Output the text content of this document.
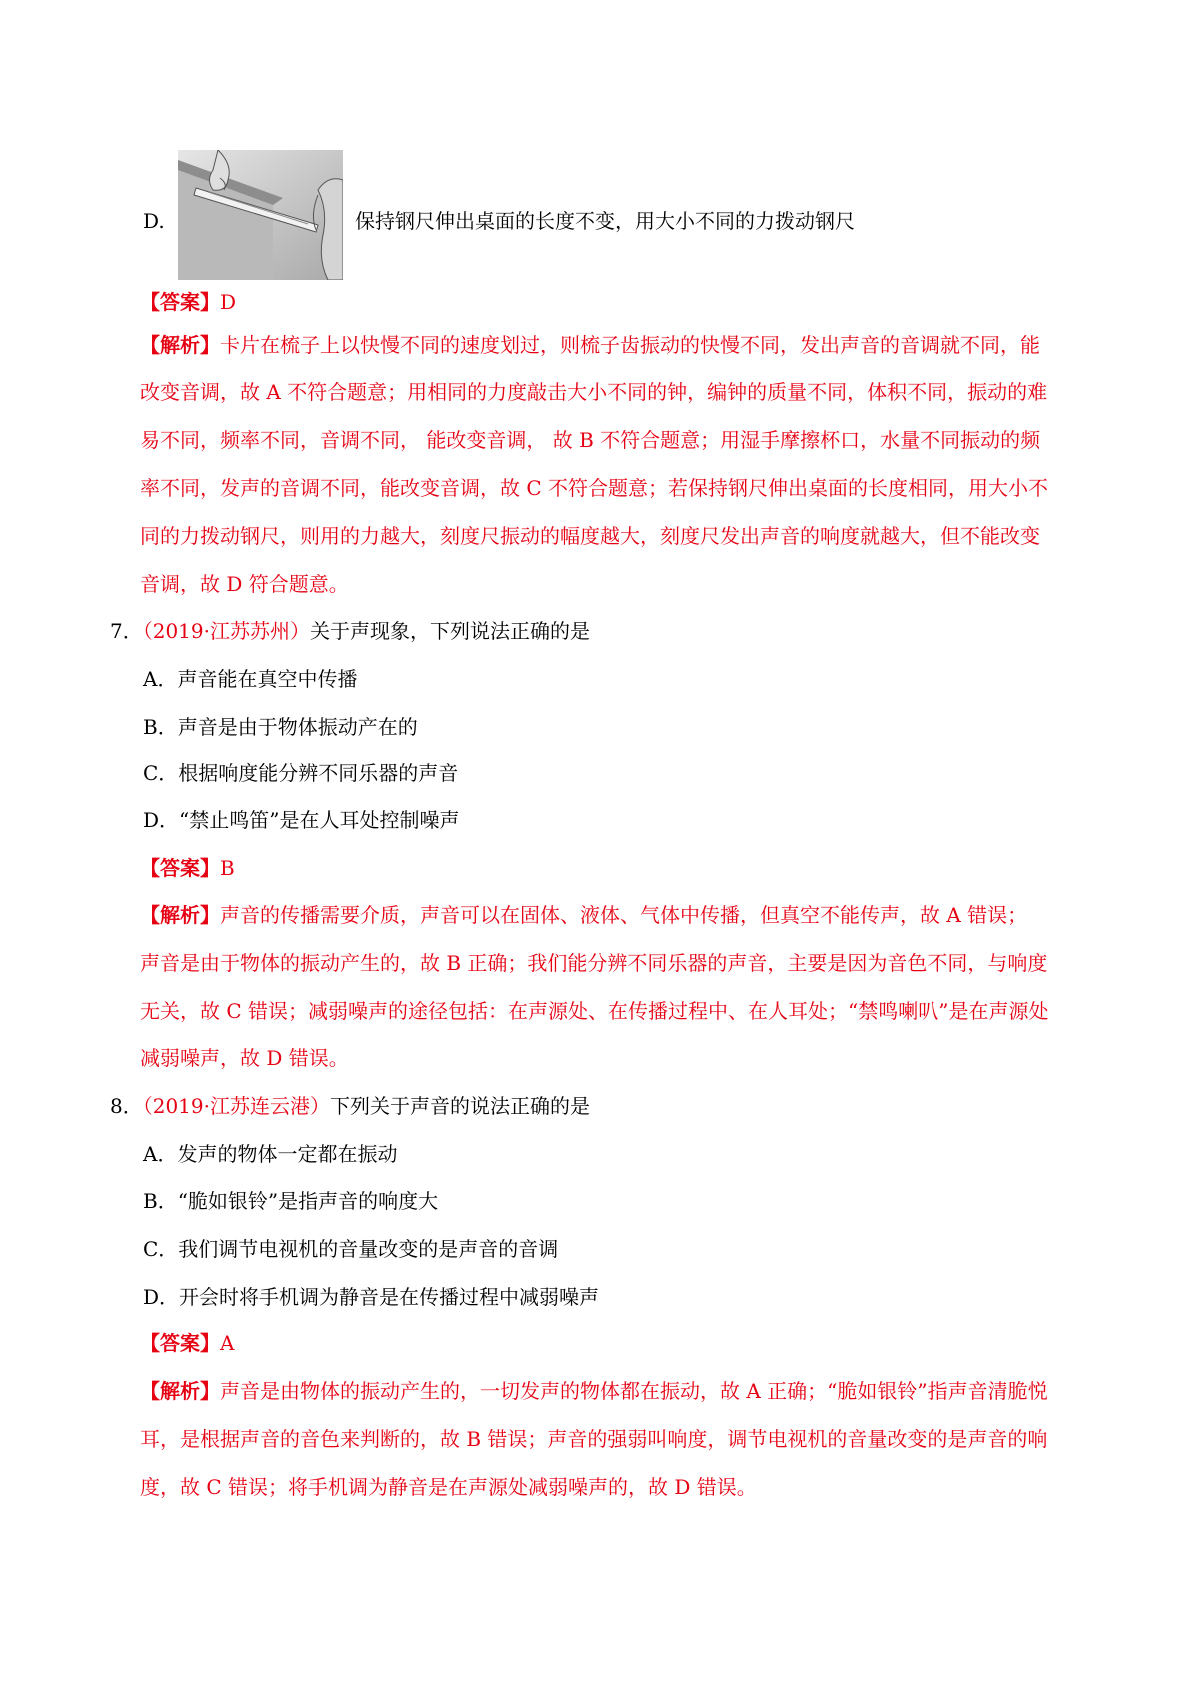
D.	保持钢尺伸出桌面的长度不变，用大小不同的力拨动钢尺
【答案】D
【解析】卡片在梳子上以快慢不同的速度划过，则梳子齿振动的快慢不同，发出声音的音调就不同，能
改变音调，故 A 不符合题意；用相同的力度敲击大小不同的钟，编钟的质量不同，体积不同，振动的难
易不同，频率不同，音调不同， 能改变音调， 故 B 不符合题意；用湿手摩擦杯口，水量不同振动的频
率不同，发声的音调不同，能改变音调，故 C 不符合题意；若保持钢尺伸出桌面的长度相同，用大小不
同的力拨动钢尺，则用的力越大，刻度尺振动的幅度越大，刻度尺发出声音的响度就越大，但不能改变
音调，故 D 符合题意。
7．（2019·江苏苏州）关于声现象，下列说法正确的是
A．声音能在真空中传播
B．声音是由于物体振动产在的
C．根据响度能分辨不同乐器的声音
D．“禁止鸣笛”是在人耳处控制噪声
【答案】B
【解析】声音的传播需要介质，声音可以在固体、液体、气体中传播，但真空不能传声，故 A 错误；
声音是由于物体的振动产生的，故 B 正确；我们能分辨不同乐器的声音，主要是因为音色不同，与响度
无关，故 C 错误；减弱噪声的途径包括：在声源处、在传播过程中、在人耳处；“禁鸣喇叭”是在声源处
减弱噪声，故 D 错误。
8．（2019·江苏连云港）下列关于声音的说法正确的是
A．发声的物体一定都在振动
B．“脆如银铃”是指声音的响度大
C．我们调节电视机的音量改变的是声音的音调
D．开会时将手机调为静音是在传播过程中减弱噪声
【答案】A
【解析】声音是由物体的振动产生的，一切发声的物体都在振动，故 A 正确；“脆如银铃”指声音清脆悦
耳，是根据声音的音色来判断的，故 B 错误；声音的强弱叫响度，调节电视机的音量改变的是声音的响
度，故 C 错误；将手机调为静音是在声源处减弱噪声的，故 D 错误。
